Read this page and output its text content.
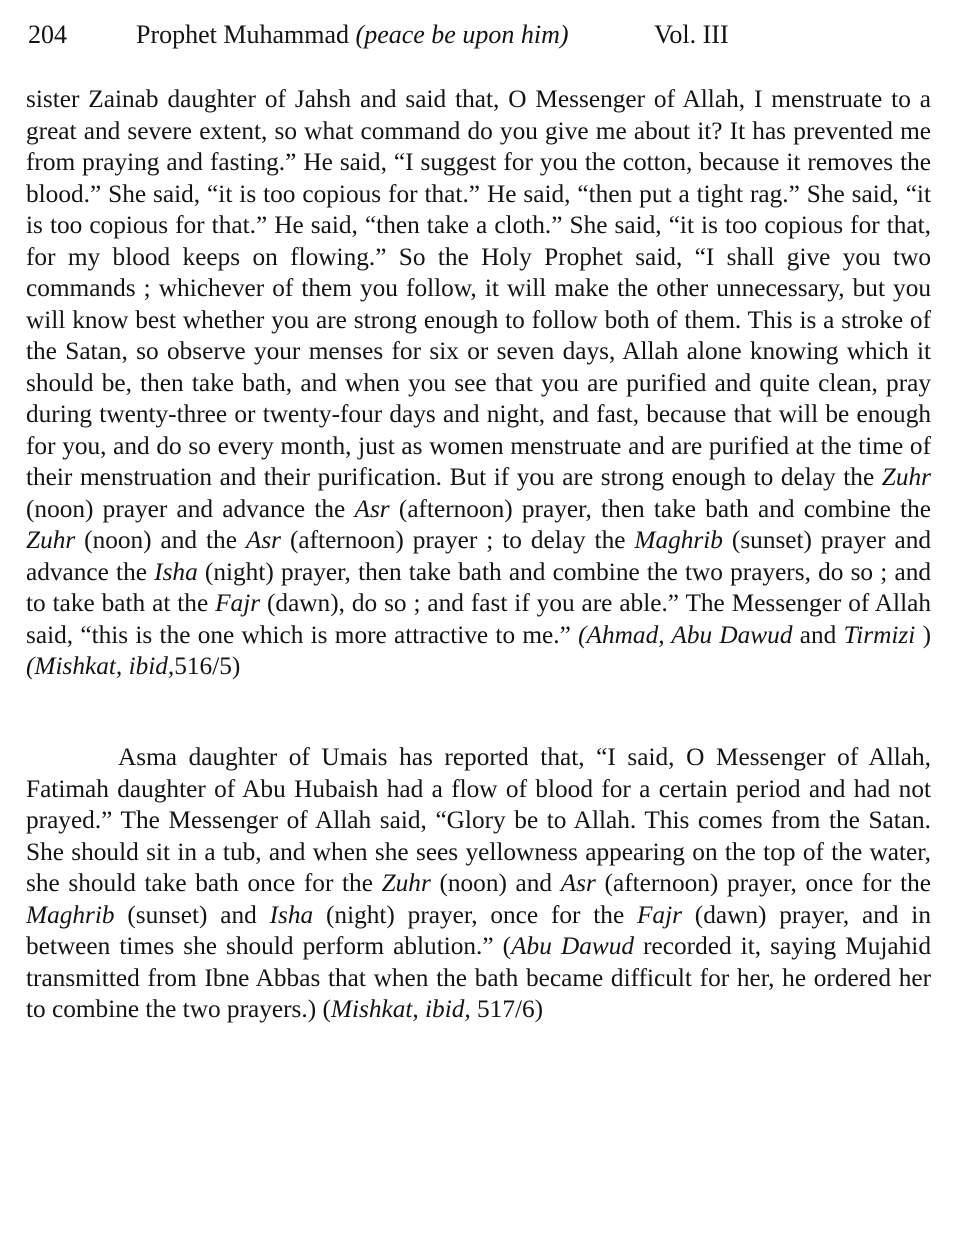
204	Prophet Muhammad (peace be upon him)	Vol. III

sister Zainab daughter of Jahsh and said that, O Messenger of Allah, I menstruate to a great and severe extent, so what command do you give me about it? It has prevented me from praying and fasting.” He said, “I suggest for you the cotton, because it removes the blood.” She said, “it is too copious for that.” He said, “then put a tight rag.” She said, “it is too copious for that.” He said, “then take a cloth.” She said, “it is too copious for that, for my blood keeps on flowing.” So the Holy Prophet said, “I shall give you two commands ; whichever of them you follow, it will make the other unnecessary, but you will know best whether you are strong enough to follow both of them. This is a stroke of the Satan, so observe your menses for six or seven days, Allah alone knowing which it should be, then take bath, and when you see that you are purified and quite clean, pray during twenty-three or twenty-four days and night, and fast, because that will be enough for you, and do so every month, just as women menstruate and are purified at the time of their menstruation and their purification. But if you are strong enough to delay the Zuhr (noon) prayer and advance the Asr (afternoon) prayer, then take bath and combine the Zuhr (noon) and the Asr (afternoon) prayer ; to delay the Maghrib (sunset) prayer and advance the Isha (night) prayer, then take bath and combine the two prayers, do so ; and to take bath at the Fajr (dawn), do so ; and fast if you are able.” The Messenger of Allah said, “this is the one which is more attractive to me.” (Ahmad, Abu Dawud and Tirmizi ) (Mishkat, ibid,516/5)

Asma daughter of Umais has reported that, “I said, O Messenger of Allah, Fatimah daughter of Abu Hubaish had a flow of blood for a certain period and had not prayed.” The Messenger of Allah said, “Glory be to Allah. This comes from the Satan. She should sit in a tub, and when she sees yellowness appearing on the top of the water, she should take bath once for the Zuhr (noon) and Asr (afternoon) prayer, once for the Maghrib (sunset) and Isha (night) prayer, once for the Fajr (dawn) prayer, and in between times she should perform ablution.” (Abu Dawud recorded it, saying Mujahid transmitted from Ibne Abbas that when the bath became difficult for her, he ordered her to combine the two prayers.) (Mishkat, ibid, 517/6)
